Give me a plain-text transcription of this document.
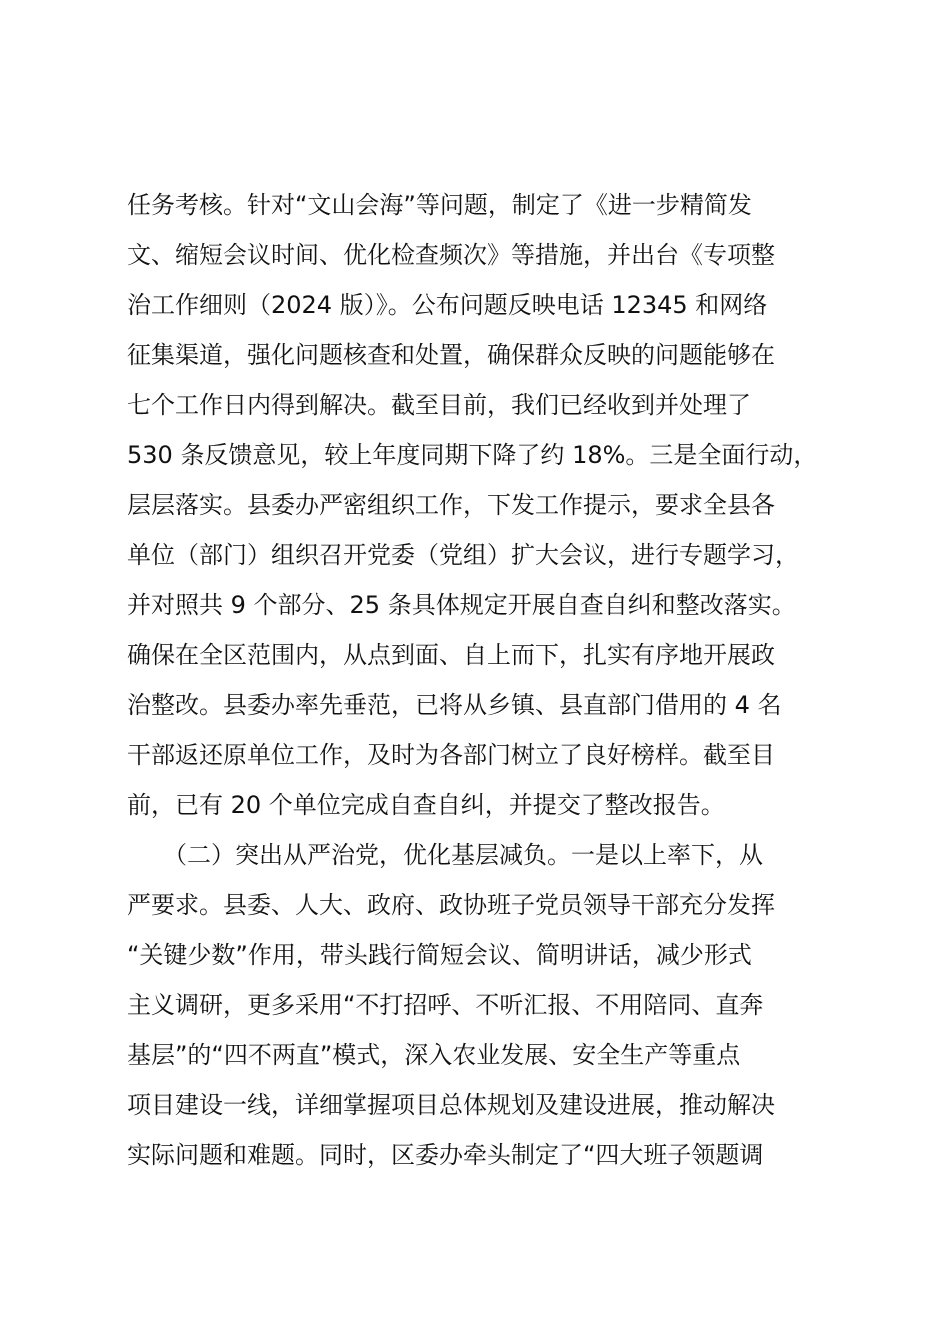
任务考核。针对“文山会海”等问题，制定了《进一步精简发
文、缩短会议时间、优化检查频次》等措施，并出台《专项整
治工作细则（2024 版）》。公布问题反映电话 12345 和网络
征集渠道，强化问题核查和处置，确保群众反映的问题能够在
七个工作日内得到解决。截至目前，我们已经收到并处理了
530 条反馈意见，较上年度同期下降了约 18%。三是全面行动，
层层落实。县委办严密组织工作，下发工作提示，要求全县各
单位（部门）组织召开党委（党组）扩大会议，进行专题学习，
并对照共 9 个部分、25 条具体规定开展自查自纠和整改落实。
确保在全区范围内，从点到面、自上而下，扎实有序地开展政
治整改。县委办率先垂范，已将从乡镇、县直部门借用的 4 名
干部返还原单位工作，及时为各部门树立了良好榜样。截至目
前，已有 20 个单位完成自查自纠，并提交了整改报告。
　　（二）突出从严治党，优化基层减负。一是以上率下，从
严要求。县委、人大、政府、政协班子党员领导干部充分发挥
“关键少数”作用，带头践行简短会议、简明讲话，减少形式
主义调研，更多采用“不打招呼、不听汇报、不用陪同、直奔
基层”的“四不两直”模式，深入农业发展、安全生产等重点
项目建设一线，详细掌握项目总体规划及建设进展，推动解决
实际问题和难题。同时，区委办牵头制定了“四大班子领题调
